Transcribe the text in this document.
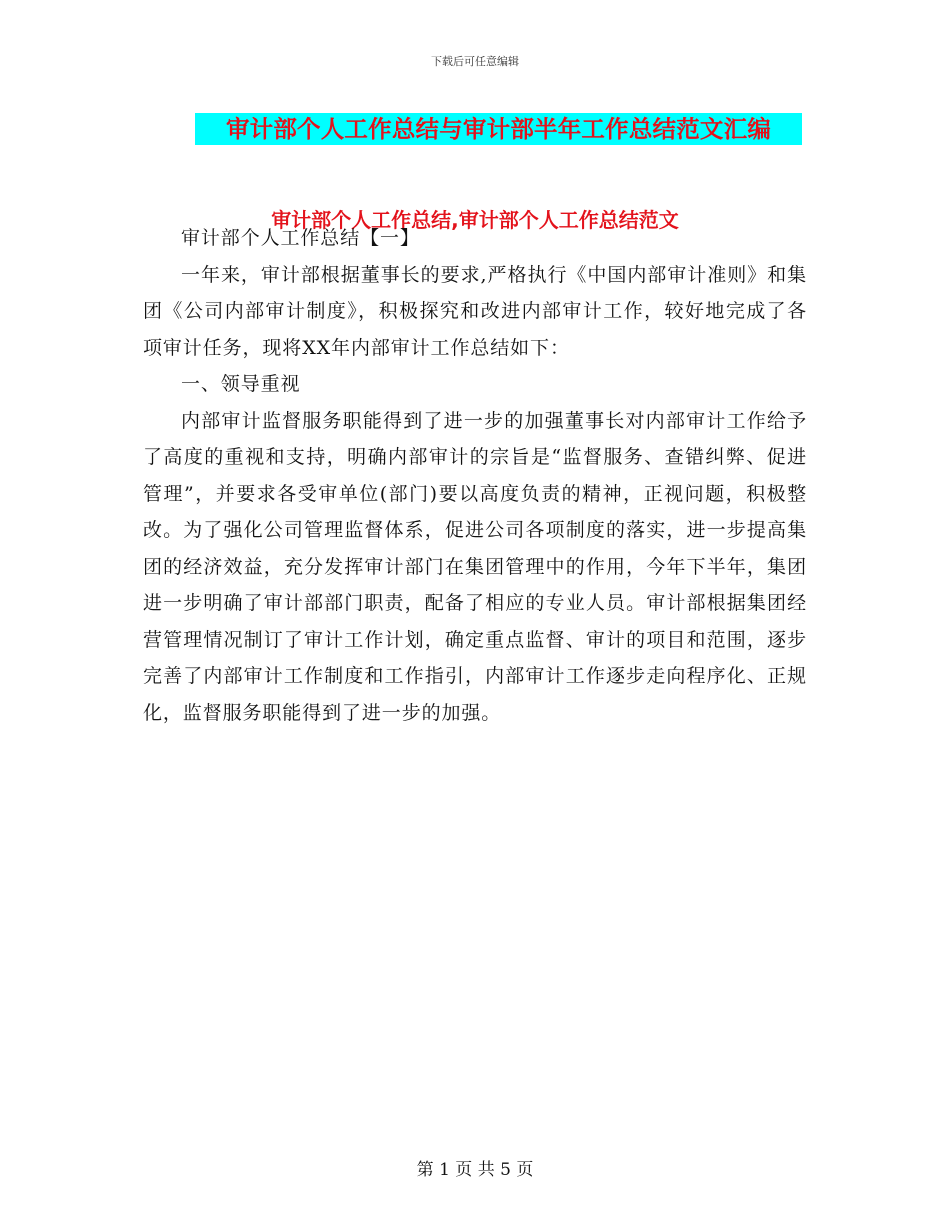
下载后可任意编辑
审计部个人工作总结与审计部半年工作总结范文汇编
审计部个人工作总结,审计部个人工作总结范文

审计部个人工作总结【一】

一年来，审计部根据董事长的要求,严格执行《中国内部审计准则》和集团《公司内部审计制度》，积极探究和改进内部审计工作，较好地完成了各项审计任务，现将XX年内部审计工作总结如下：

一、领导重视

内部审计监督服务职能得到了进一步的加强董事长对内部审计工作给予了高度的重视和支持，明确内部审计的宗旨是“监督服务、查错纠弊、促进管理”，并要求各受审单位(部门)要以高度负责的精神，正视问题，积极整改。为了强化公司管理监督体系，促进公司各项制度的落实，进一步提高集团的经济效益，充分发挥审计部门在集团管理中的作用，今年下半年，集团进一步明确了审计部部门职责，配备了相应的专业人员。审计部根据集团经营管理情况制订了审计工作计划，确定重点监督、审计的项目和范围，逐步完善了内部审计工作制度和工作指引，内部审计工作逐步走向程序化、正规化，监督服务职能得到了进一步的加强。

第 1 页 共 5 页
